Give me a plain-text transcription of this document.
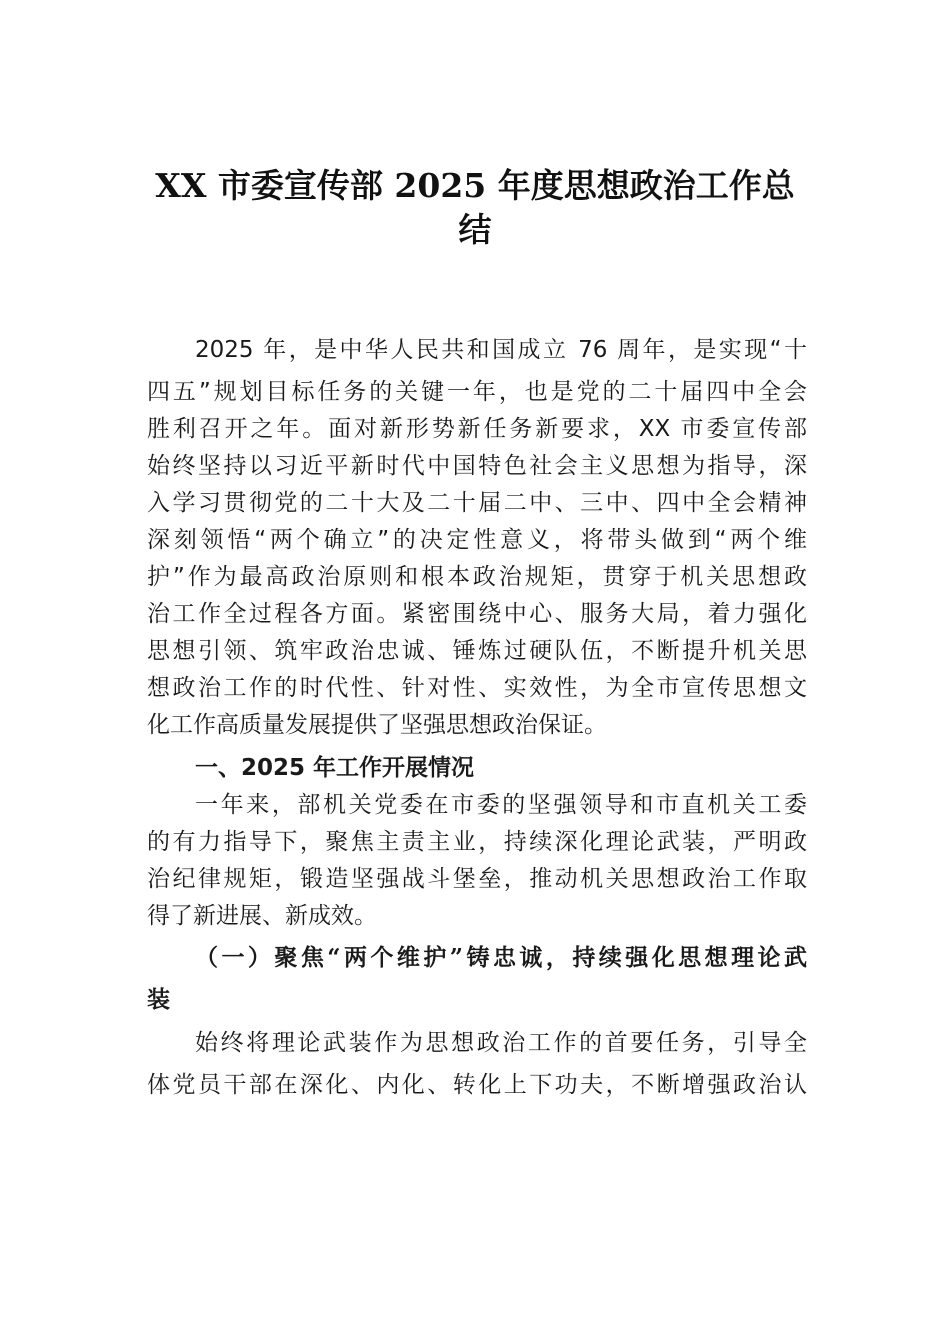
XX 市委宣传部 2025 年度思想政治工作总
结
2025 年，是中华人民共和国成立 76 周年，是实现“十
四五”规划目标任务的关键一年，也是党的二十届四中全会
胜利召开之年。面对新形势新任务新要求，XX 市委宣传部
始终坚持以习近平新时代中国特色社会主义思想为指导，深
入学习贯彻党的二十大及二十届二中、三中、四中全会精神
深刻领悟“两个确立”的决定性意义，将带头做到“两个维
护”作为最高政治原则和根本政治规矩，贯穿于机关思想政
治工作全过程各方面。紧密围绕中心、服务大局，着力强化
思想引领、筑牢政治忠诚、锤炼过硬队伍，不断提升机关思
想政治工作的时代性、针对性、实效性，为全市宣传思想文
化工作高质量发展提供了坚强思想政治保证。
一、2025 年工作开展情况
一年来，部机关党委在市委的坚强领导和市直机关工委
的有力指导下，聚焦主责主业，持续深化理论武装，严明政
治纪律规矩，锻造坚强战斗堡垒，推动机关思想政治工作取
得了新进展、新成效。
（一）聚焦“两个维护”铸忠诚，持续强化思想理论武
装
始终将理论武装作为思想政治工作的首要任务，引导全
体党员干部在深化、内化、转化上下功夫，不断增强政治认
